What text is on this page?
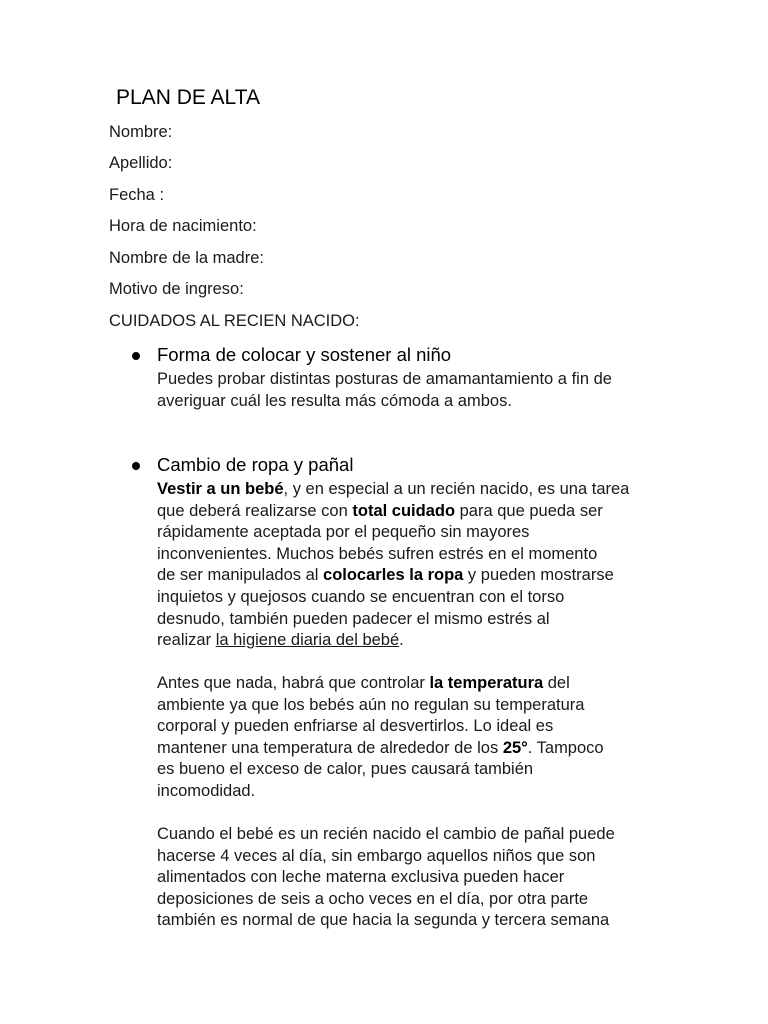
PLAN DE ALTA
Nombre:
Apellido:
Fecha :
Hora de nacimiento:
Nombre de la madre:
Motivo de ingreso:
CUIDADOS AL RECIEN NACIDO:
Forma de colocar y sostener al niño
Puedes probar distintas posturas de amamantamiento a fin de
averiguar cuál les resulta más cómoda a ambos.
Cambio de ropa y pañal
Vestir a un bebé, y en especial a un recién nacido, es una tarea
que deberá realizarse con total cuidado para que pueda ser
rápidamente aceptada por el pequeño sin mayores
inconvenientes. Muchos bebés sufren estrés en el momento
de ser manipulados al colocarles la ropa y pueden mostrarse
inquietos y quejosos cuando se encuentran con el torso
desnudo, también pueden padecer el mismo estrés al
realizar la higiene diaria del bebé.
Antes que nada, habrá que controlar la temperatura del
ambiente ya que los bebés aún no regulan su temperatura
corporal y pueden enfriarse al desvertirlos. Lo ideal es
mantener una temperatura de alrededor de los 25°. Tampoco
es bueno el exceso de calor, pues causará también
incomodidad.
Cuando el bebé es un recién nacido el cambio de pañal puede
hacerse 4 veces al día, sin embargo aquellos niños que son
alimentados con leche materna exclusiva pueden hacer
deposiciones de seis a ocho veces en el día, por otra parte
también es normal de que hacia la segunda y tercera semana
